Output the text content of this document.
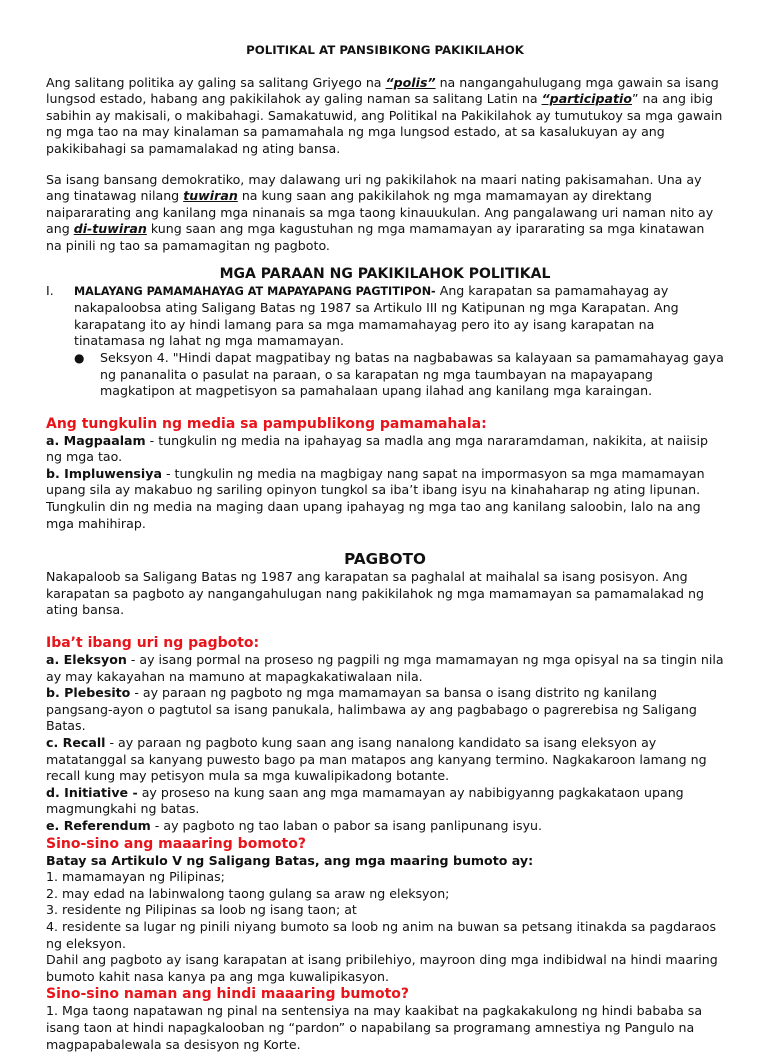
POLITIKAL AT PANSIBIKONG PAKIKILAHOK

Ang salitang politika ay galing sa salitang Griyego na “polis” na nangangahulugang mga gawain sa isang lungsod estado, habang ang pakikilahok ay galing naman sa salitang Latin na “participatio” na ang ibig sabihin ay makisali, o makibahagi. Samakatuwid, ang Politikal na Pakikilahok ay tumutukoy sa mga gawain ng mga tao na may kinalaman sa pamamahala ng mga lungsod estado, at sa kasalukuyan ay ang pakikibahagi sa pamamalakad ng ating bansa.

Sa isang bansang demokratiko, may dalawang uri ng pakikilahok na maari nating pakisamahan. Una ay ang tinatawag nilang tuwiran na kung saan ang pakikilahok ng mga mamamayan ay direktang naipararating ang kanilang mga ninanais sa mga taong kinauukulan. Ang pangalawang uri naman nito ay ang di-tuwiran kung saan ang mga kagustuhan ng mga mamamayan ay ipararating sa mga kinatawan na pinili ng tao sa pamamagitan ng pagboto.

MGA PARAAN NG PAKIKILAHOK POLITIKAL

I.	MALAYANG PAMAMAHAYAG AT MAPAYAPANG PAGTITIPON- Ang karapatan sa pamamahayag ay nakapaloobsa ating Saligang Batas ng 1987 sa Artikulo III ng Katipunan ng mga Karapatan. Ang karapatang ito ay hindi lamang para sa mga mamamahayag pero ito ay isang karapatan na tinatamasa ng lahat ng mga mamamayan.

●	Seksyon 4. "Hindi dapat magpatibay ng batas na nagbabawas sa kalayaan sa pamamahayag gaya ng pananalita o pasulat na paraan, o sa karapatan ng mga taumbayan na mapayapang magkatipon at magpetisyon sa pamahalaan upang ilahad ang kanilang mga karaingan.

Ang tungkulin ng media sa pampublikong pamamahala:

a. Magpaalam - tungkulin ng media na ipahayag sa madla ang mga nararamdaman, nakikita, at naiisip ng mga tao.

b. Impluwensiya - tungkulin ng media na magbigay nang sapat na impormasyon sa mga mamamayan upang sila ay makabuo ng sariling opinyon tungkol sa iba’t ibang isyu na kinahaharap ng ating lipunan. Tungkulin din ng media na maging daan upang ipahayag ng mga tao ang kanilang saloobin, lalo na ang mga mahihirap.

PAGBOTO

Nakapaloob sa Saligang Batas ng 1987 ang karapatan sa paghalal at maihalal sa isang posisyon. Ang karapatan sa pagboto ay nangangahulugan nang pakikilahok ng mga mamamayan sa pamamalakad ng ating bansa.

Iba’t ibang uri ng pagboto:

a. Eleksyon - ay isang pormal na proseso ng pagpili ng mga mamamayan ng mga opisyal na sa tingin nila ay may kakayahan na mamuno at mapagkakatiwalaan nila.

b. Plebesito - ay paraan ng pagboto ng mga mamamayan sa bansa o isang distrito ng kanilang pangsang-ayon o pagtutol sa isang panukala, halimbawa ay ang pagbabago o pagrerebisa ng Saligang Batas.

c. Recall - ay paraan ng pagboto kung saan ang isang nanalong kandidato sa isang eleksyon ay matatanggal sa kanyang puwesto bago pa man matapos ang kanyang termino. Nagkakaroon lamang ng recall kung may petisyon mula sa mga kuwalipikadong botante.

d. Initiative - ay proseso na kung saan ang mga mamamayan ay nabibigyanng pagkakataon upang magmungkahi ng batas.

e. Referendum - ay pagboto ng tao laban o pabor sa isang panlipunang isyu.

Sino-sino ang maaaring bomoto?

Batay sa Artikulo V ng Saligang Batas, ang mga maaring bumoto ay:

1. mamamayan ng Pilipinas;

2. may edad na labinwalong taong gulang sa araw ng eleksyon;

3. residente ng Pilipinas sa loob ng isang taon; at

4. residente sa lugar ng pinili niyang bumoto sa loob ng anim na buwan sa petsang itinakda sa pagdaraos ng eleksyon.

Dahil ang pagboto ay isang karapatan at isang pribilehiyo, mayroon ding mga indibidwal na hindi maaring bumoto kahit nasa kanya pa ang mga kuwalipikasyon.

Sino-sino naman ang hindi maaaring bumoto?

1. Mga taong napatawan ng pinal na sentensiya na may kaakibat na pagkakakulong ng hindi bababa sa isang taon at hindi napagkalooban ng “pardon” o napabilang sa programang amnestiya ng Pangulo na magpapabalewala sa desisyon ng Korte.
